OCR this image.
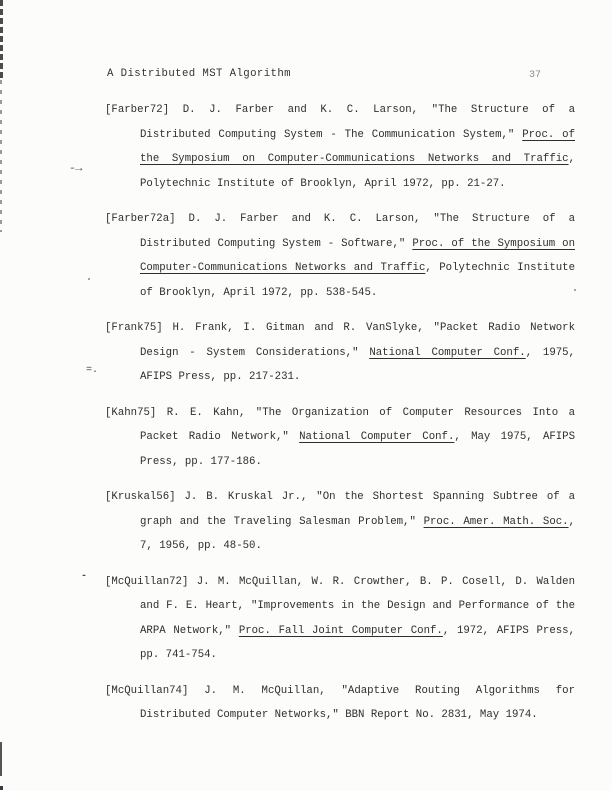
A Distributed MST Algorithm	37
[Farber72] D. J. Farber and K. C. Larson, "The Structure of a
Distributed Computing System - The Communication System," Proc. of
the Symposium on Computer-Communications Networks and Traffic,
Polytechnic Institute of Brooklyn, April 1972, pp. 21-27.
[Farber72a] D. J. Farber and K. C. Larson, "The Structure of a
Distributed Computing System - Software," Proc. of the Symposium on
Computer-Communications Networks and Traffic, Polytechnic Institute
of Brooklyn, April 1972, pp. 538-545.
[Frank75] H. Frank, I. Gitman and R. VanSlyke, "Packet Radio Network
Design - System Considerations," National Computer Conf., 1975,
AFIPS Press, pp. 217-231.
[Kahn75] R. E. Kahn, "The Organization of Computer Resources Into a
Packet Radio Network," National Computer Conf., May 1975, AFIPS
Press, pp. 177-186.
[Kruskal56] J. B. Kruskal Jr., "On the Shortest Spanning Subtree of a
graph and the Traveling Salesman Problem," Proc. Amer. Math. Soc.,
7, 1956, pp. 48-50.
[McQuillan72] J. M. McQuillan, W. R. Crowther, B. P. Cosell, D. Walden
and F. E. Heart, "Improvements in the Design and Performance of the
ARPA Network," Proc. Fall Joint Computer Conf., 1972, AFIPS Press,
pp. 741-754.
[McQuillan74] J. M. McQuillan, "Adaptive Routing Algorithms for
Distributed Computer Networks," BBN Report No. 2831, May 1974.
-→
=.
-
